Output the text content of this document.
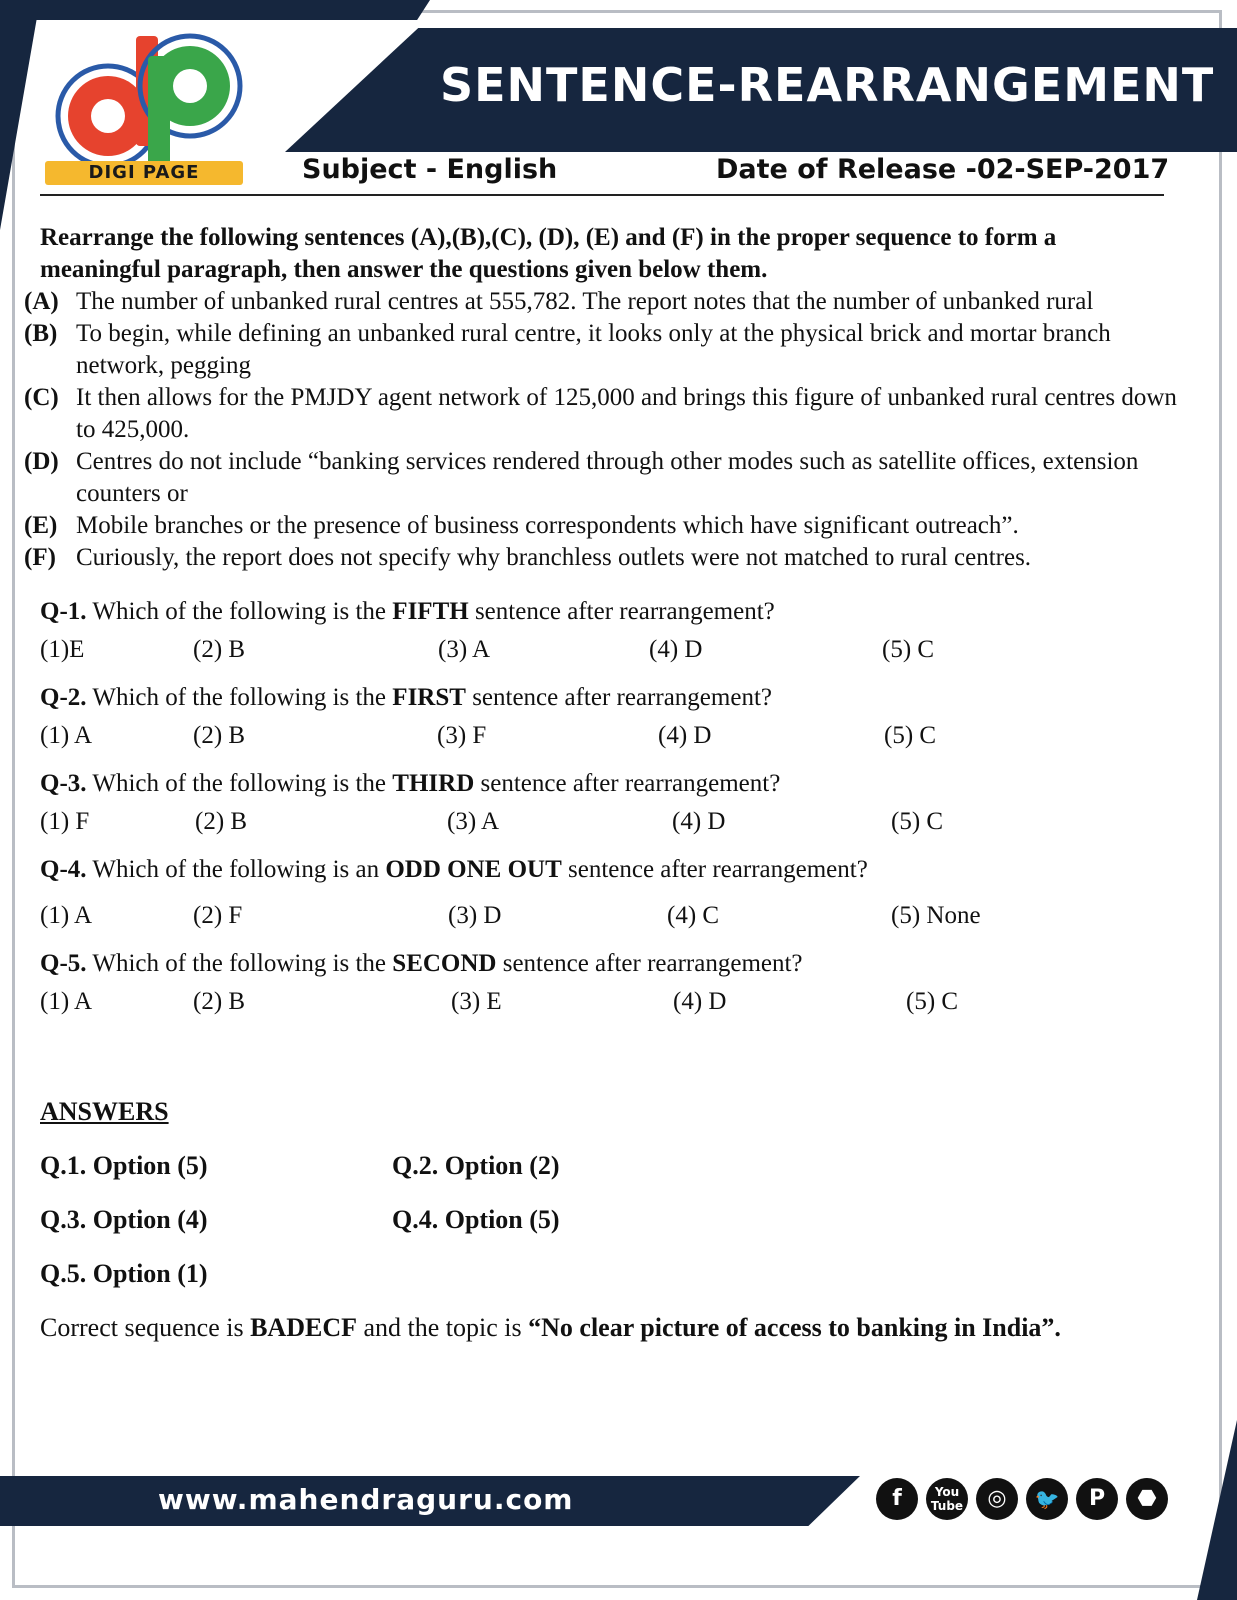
SENTENCE-REARRANGEMENT
DIGI PAGE	Subject - English	Date of Release -02-SEP-2017

Rearrange the following sentences (A),(B),(C), (D), (E) and (F) in the proper sequence to form a meaningful paragraph, then answer the questions given below them.

(A) The number of unbanked rural centres at 555,782. The report notes that the number of unbanked rural

(B) To begin, while defining an unbanked rural centre, it looks only at the physical brick and mortar branch network, pegging

(C) It then allows for the PMJDY agent network of 125,000 and brings this figure of unbanked rural centres down to 425,000.

(D) Centres do not include “banking services rendered through other modes such as satellite offices, extension counters or

(E) Mobile branches or the presence of business correspondents which have significant outreach”.

(F) Curiously, the report does not specify why branchless outlets were not matched to rural centres.

Q-1. Which of the following is the FIFTH sentence after rearrangement?

(1)E	(2) B	(3) A	(4) D	(5) C

Q-2. Which of the following is the FIRST sentence after rearrangement?

(1) A	(2) B	(3) F	(4) D	(5) C

Q-3. Which of the following is the THIRD sentence after rearrangement?

(1) F	(2) B	(3) A	(4) D	(5) C

Q-4. Which of the following is an ODD ONE OUT sentence after rearrangement?

(1) A	(2) F	(3) D	(4) C	(5) None

Q-5. Which of the following is the SECOND sentence after rearrangement?

(1) A	(2) B	(3) E	(4) D	(5) C
ANSWERS
Q.1. Option (5)	Q.2. Option (2)
Q.3. Option (4)	Q.4. Option (5)
Q.5. Option (1)
Correct sequence is BADECF and the topic is “No clear picture of access to banking in India”.
www.mahendraguru.com	f	You Tube	◎	🐦	P	⬣
